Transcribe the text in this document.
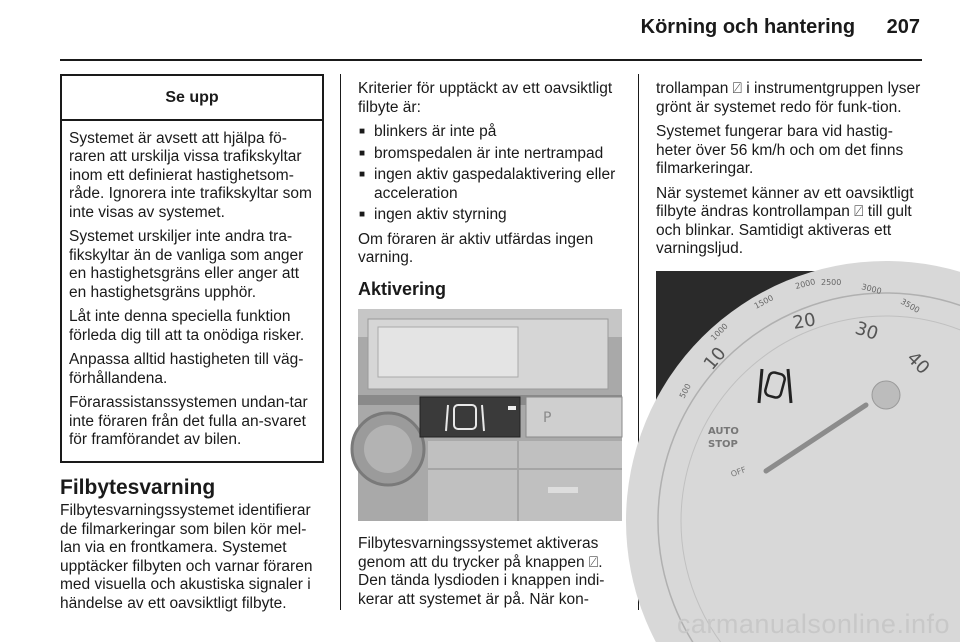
Körning och hantering 207
Se upp

Systemet är avsett att hjälpa fö-raren att urskilja vissa trafikskyltar inom ett definierat hastighetsom-råde. Ignorera inte trafikskyltar som inte visas av systemet.

Systemet urskiljer inte andra tra-fikskyltar än de vanliga som anger en hastighetsgräns eller anger att en hastighetsgräns upphör.

Låt inte denna speciella funktion förleda dig till att ta onödiga risker.

Anpassa alltid hastigheten till väg-förhållandena.

Förarassistanssystemen undan-tar inte föraren från det fulla an-svaret för framförandet av bilen.

Filbytesvarning

Filbytesvarningssystemet identifierar de filmarkeringar som bilen kör mel-lan via en frontkamera. Systemet upptäcker filbyten och varnar föraren med visuella och akustiska signaler i händelse av ett oavsiktligt filbyte.

Kriterier för upptäckt av ett oavsiktligt filbyte är:

■ blinkers är inte på
■ bromspedalen är inte nertrampad
■ ingen aktiv gaspedalaktivering eller acceleration
■ ingen aktiv styrning

Om föraren är aktiv utfärdas ingen varning.

Aktivering
P

Filbytesvarningssystemet aktiveras genom att du trycker på knappen ⍁. Den tända lysdioden i knappen indi-kerar att systemet är på. När kon-

trollampan ⍁ i instrumentgruppen lyser grönt är systemet redo för funk-tion.

Systemet fungerar bara vid hastig-heter över 56 km/h och om det finns filmarkeringar.

När systemet känner av ett oavsiktligt filbyte ändras kontrollampan ⍁ till gult och blinkar. Samtidigt aktiveras ett varningsljud.

500
1000
1500
2000 2500 3000
3500
10
20 30
40
AUTO
STOP
OFF

carmanualsonline.info
